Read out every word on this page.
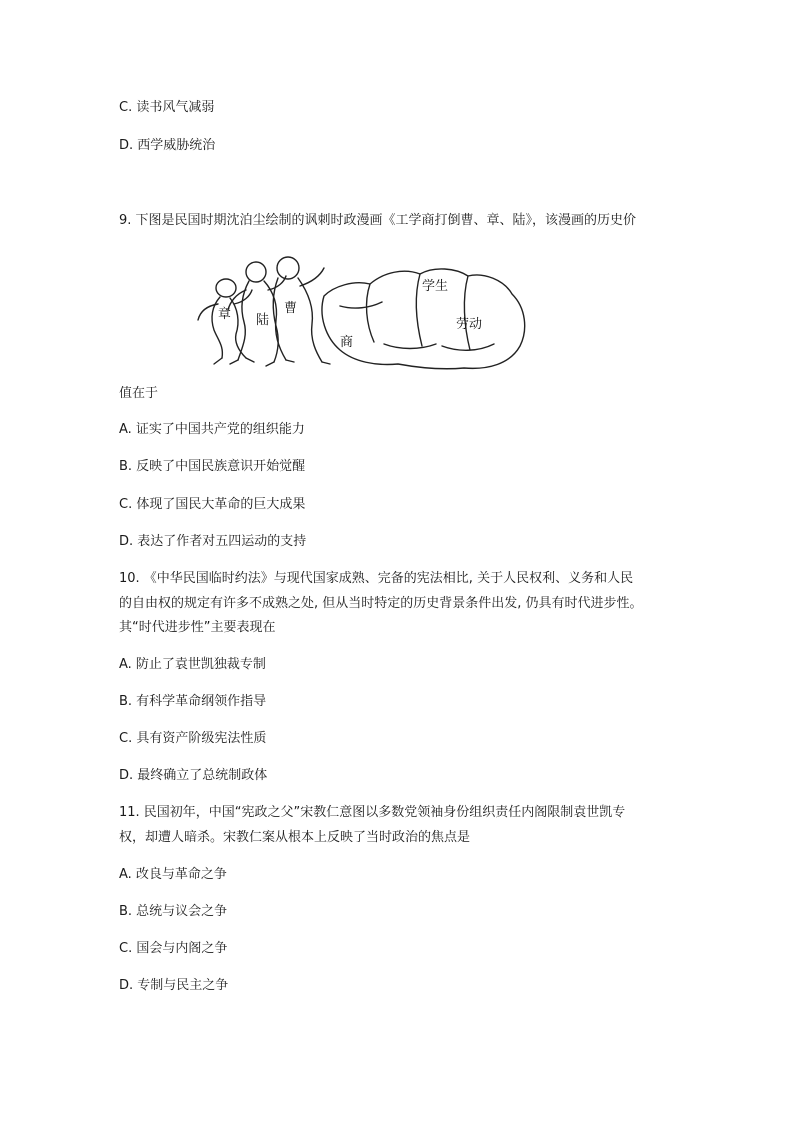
C. 读书风气减弱
D. 西学威胁统治
9. 下图是民国时期沈泊尘绘制的讽刺时政漫画《工学商打倒曹、章、陆》，该漫画的历史价
章 陆
曹
商
学生
劳动
值在于
A. 证实了中国共产党的组织能力
B. 反映了中国民族意识开始觉醒
C. 体现了国民大革命的巨大成果
D. 表达了作者对五四运动的支持
10. 《中华民国临时约法》与现代国家成熟、完备的宪法相比, 关于人民权利、义务和人民
的自由权的规定有许多不成熟之处, 但从当时特定的历史背景条件出发, 仍具有时代进步性。
其“时代进步性”主要表现在
A. 防止了袁世凯独裁专制
B. 有科学革命纲领作指导
C. 具有资产阶级宪法性质
D. 最终确立了总统制政体
11. 民国初年，中国“宪政之父”宋教仁意图以多数党领袖身份组织责任内阁限制袁世凯专
权，却遭人暗杀。宋教仁案从根本上反映了当时政治的焦点是
A. 改良与革命之争
B. 总统与议会之争
C. 国会与内阁之争
D. 专制与民主之争
